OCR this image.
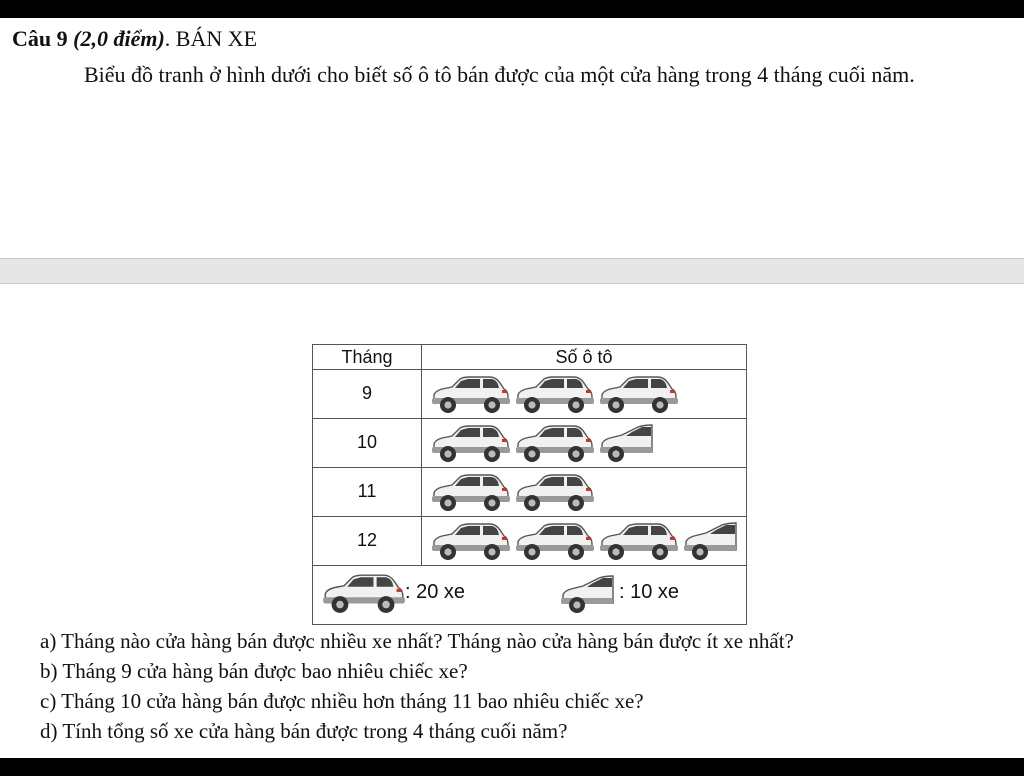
Câu 9 (2,0 điểm). BÁN XE
Biểu đồ tranh ở hình dưới cho biết số ô tô bán được của một cửa hàng trong 4 tháng cuối năm.
Tháng	Số ô tô
9
10
11
12
: 20 xe	: 10 xe
a) Tháng nào cửa hàng bán được nhiều xe nhất? Tháng nào cửa hàng bán được ít xe nhất?
b) Tháng 9 cửa hàng bán được bao nhiêu chiếc xe?
c) Tháng 10 cửa hàng bán được nhiều hơn tháng 11 bao nhiêu chiếc xe?
d) Tính tổng số xe cửa hàng bán được trong 4 tháng cuối năm?
